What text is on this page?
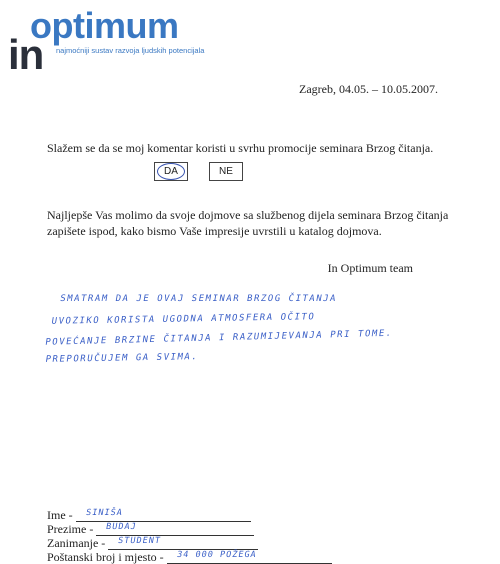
in
optimum
najmoćniji sustav razvoja ljudskih potencijala
Zagreb, 04.05. – 10.05.2007.
Slažem se da se moj komentar koristi u svrhu promocije seminara Brzog čitanja.
DA	NE
Najljepše Vas molimo da svoje dojmove sa službenog dijela seminara Brzog čitanja zapišete ispod, kako bismo Vaše impresije uvrstili u katalog dojmova.
In Optimum team
SMATRAM DA JE OVAJ SEMINAR BRZOG ČITANJA
UVOZIKO KORISTA UGODNA ATMOSFERA OČITO
POVEĆANJE BRZINE ČITANJA I RAZUMIJEVANJA PRI TOME.
PREPORUČUJEM GA SVIMA.
Ime - SINIŠA
Prezime - BUDAJ
Zanimanje - STUDENT
Poštanski broj i mjesto - 34 000 POŽEGA
